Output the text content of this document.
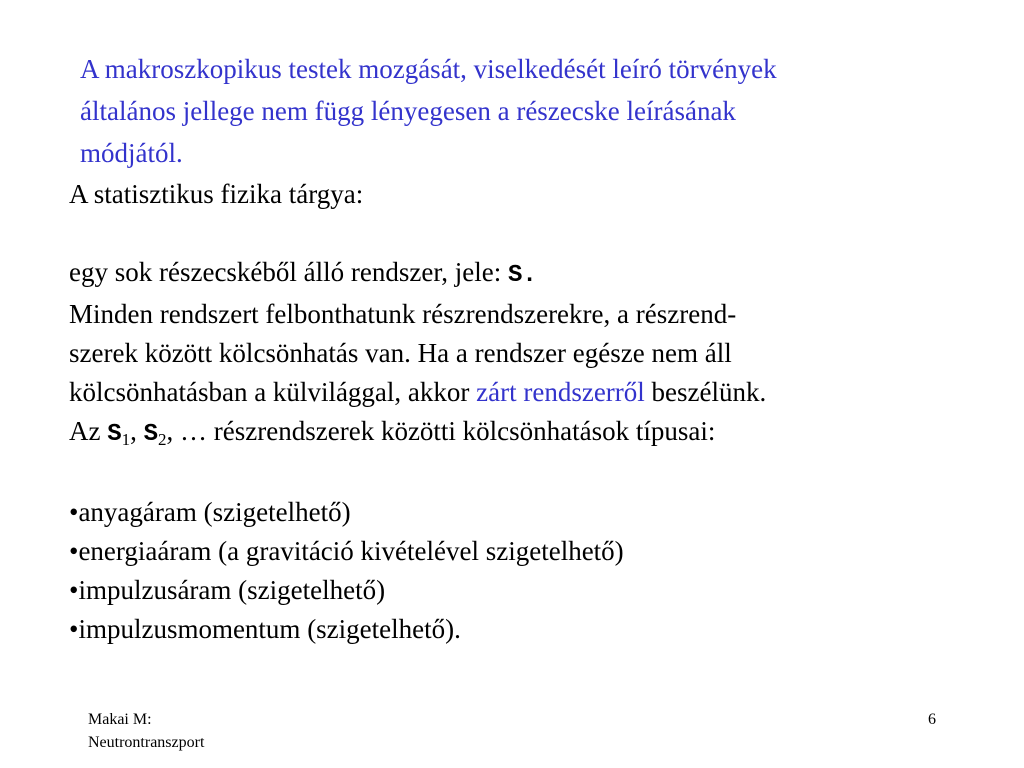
A makroszkopikus testek mozgását, viselkedését leíró törvények
általános jellege nem függ lényegesen a részecske leírásának
módjától.
A statisztikus fizika tárgya:
egy sok részecskéből álló rendszer, jele: S.
Minden rendszert felbonthatunk részrendszerekre, a részrend-
szerek között kölcsönhatás van. Ha a rendszer egésze nem áll
kölcsönhatásban a külvilággal, akkor zárt rendszerről beszélünk.
Az $S_1$, $S_2$, … részrendszerek közötti kölcsönhatások típusai:
•anyagáram (szigetelhető)
•energiaáram (a gravitáció kivételével szigetelhető)
•impulzusáram (szigetelhető)
•impulzusmomentum (szigetelhető).
Makai M:
Neutrontranszport
6
